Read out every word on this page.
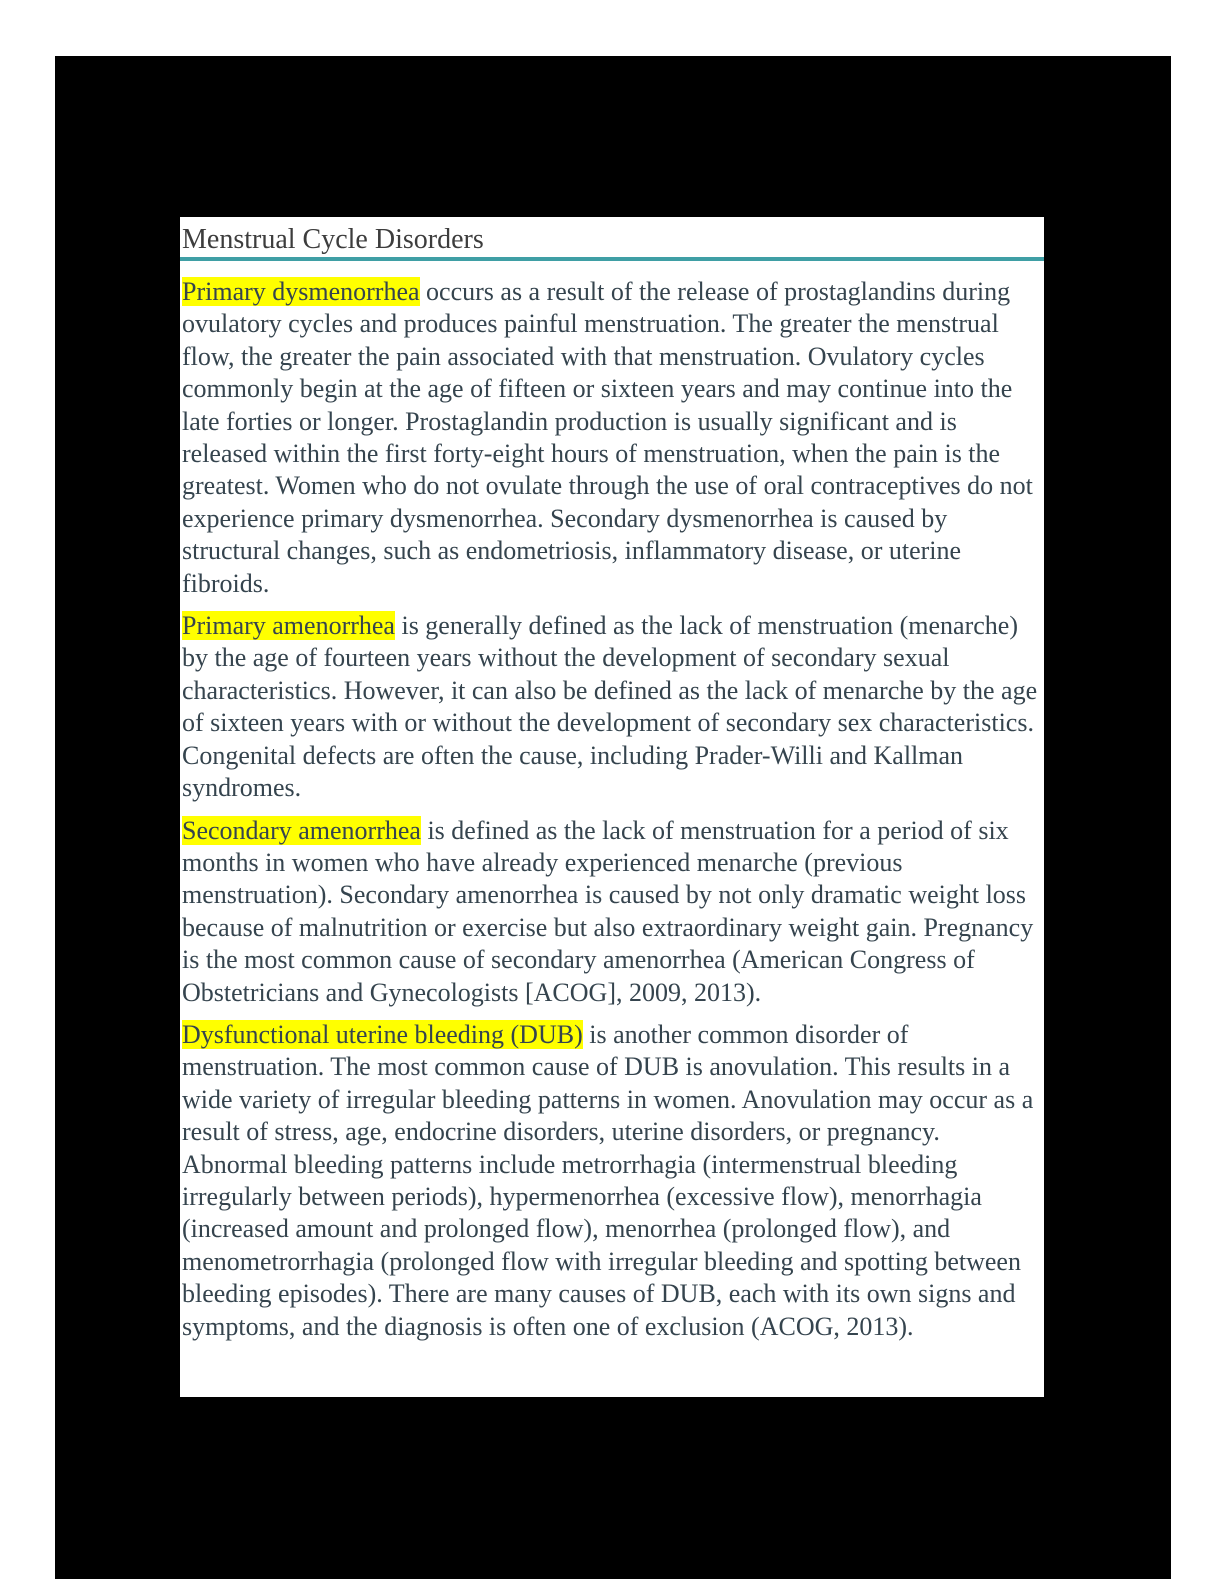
Menstrual Cycle Disorders

Primary dysmenorrhea occurs as a result of the release of prostaglandins during ovulatory cycles and produces painful menstruation. The greater the menstrual flow, the greater the pain associated with that menstruation. Ovulatory cycles commonly begin at the age of fifteen or sixteen years and may continue into the late forties or longer. Prostaglandin production is usually significant and is released within the first forty-eight hours of menstruation, when the pain is the greatest. Women who do not ovulate through the use of oral contraceptives do not experience primary dysmenorrhea. Secondary dysmenorrhea is caused by structural changes, such as endometriosis, inflammatory disease, or uterine fibroids.

Primary amenorrhea is generally defined as the lack of menstruation (menarche) by the age of fourteen years without the development of secondary sexual characteristics. However, it can also be defined as the lack of menarche by the age of sixteen years with or without the development of secondary sex characteristics. Congenital defects are often the cause, including Prader-Willi and Kallman syndromes.

Secondary amenorrhea is defined as the lack of menstruation for a period of six months in women who have already experienced menarche (previous menstruation). Secondary amenorrhea is caused by not only dramatic weight loss because of malnutrition or exercise but also extraordinary weight gain. Pregnancy is the most common cause of secondary amenorrhea (American Congress of Obstetricians and Gynecologists [ACOG], 2009, 2013).

Dysfunctional uterine bleeding (DUB) is another common disorder of menstruation. The most common cause of DUB is anovulation. This results in a wide variety of irregular bleeding patterns in women. Anovulation may occur as a result of stress, age, endocrine disorders, uterine disorders, or pregnancy. Abnormal bleeding patterns include metrorrhagia (intermenstrual bleeding irregularly between periods), hypermenorrhea (excessive flow), menorrhagia (increased amount and prolonged flow), menorrhea (prolonged flow), and menometrorrhagia (prolonged flow with irregular bleeding and spotting between bleeding episodes). There are many causes of DUB, each with its own signs and symptoms, and the diagnosis is often one of exclusion (ACOG, 2013).
